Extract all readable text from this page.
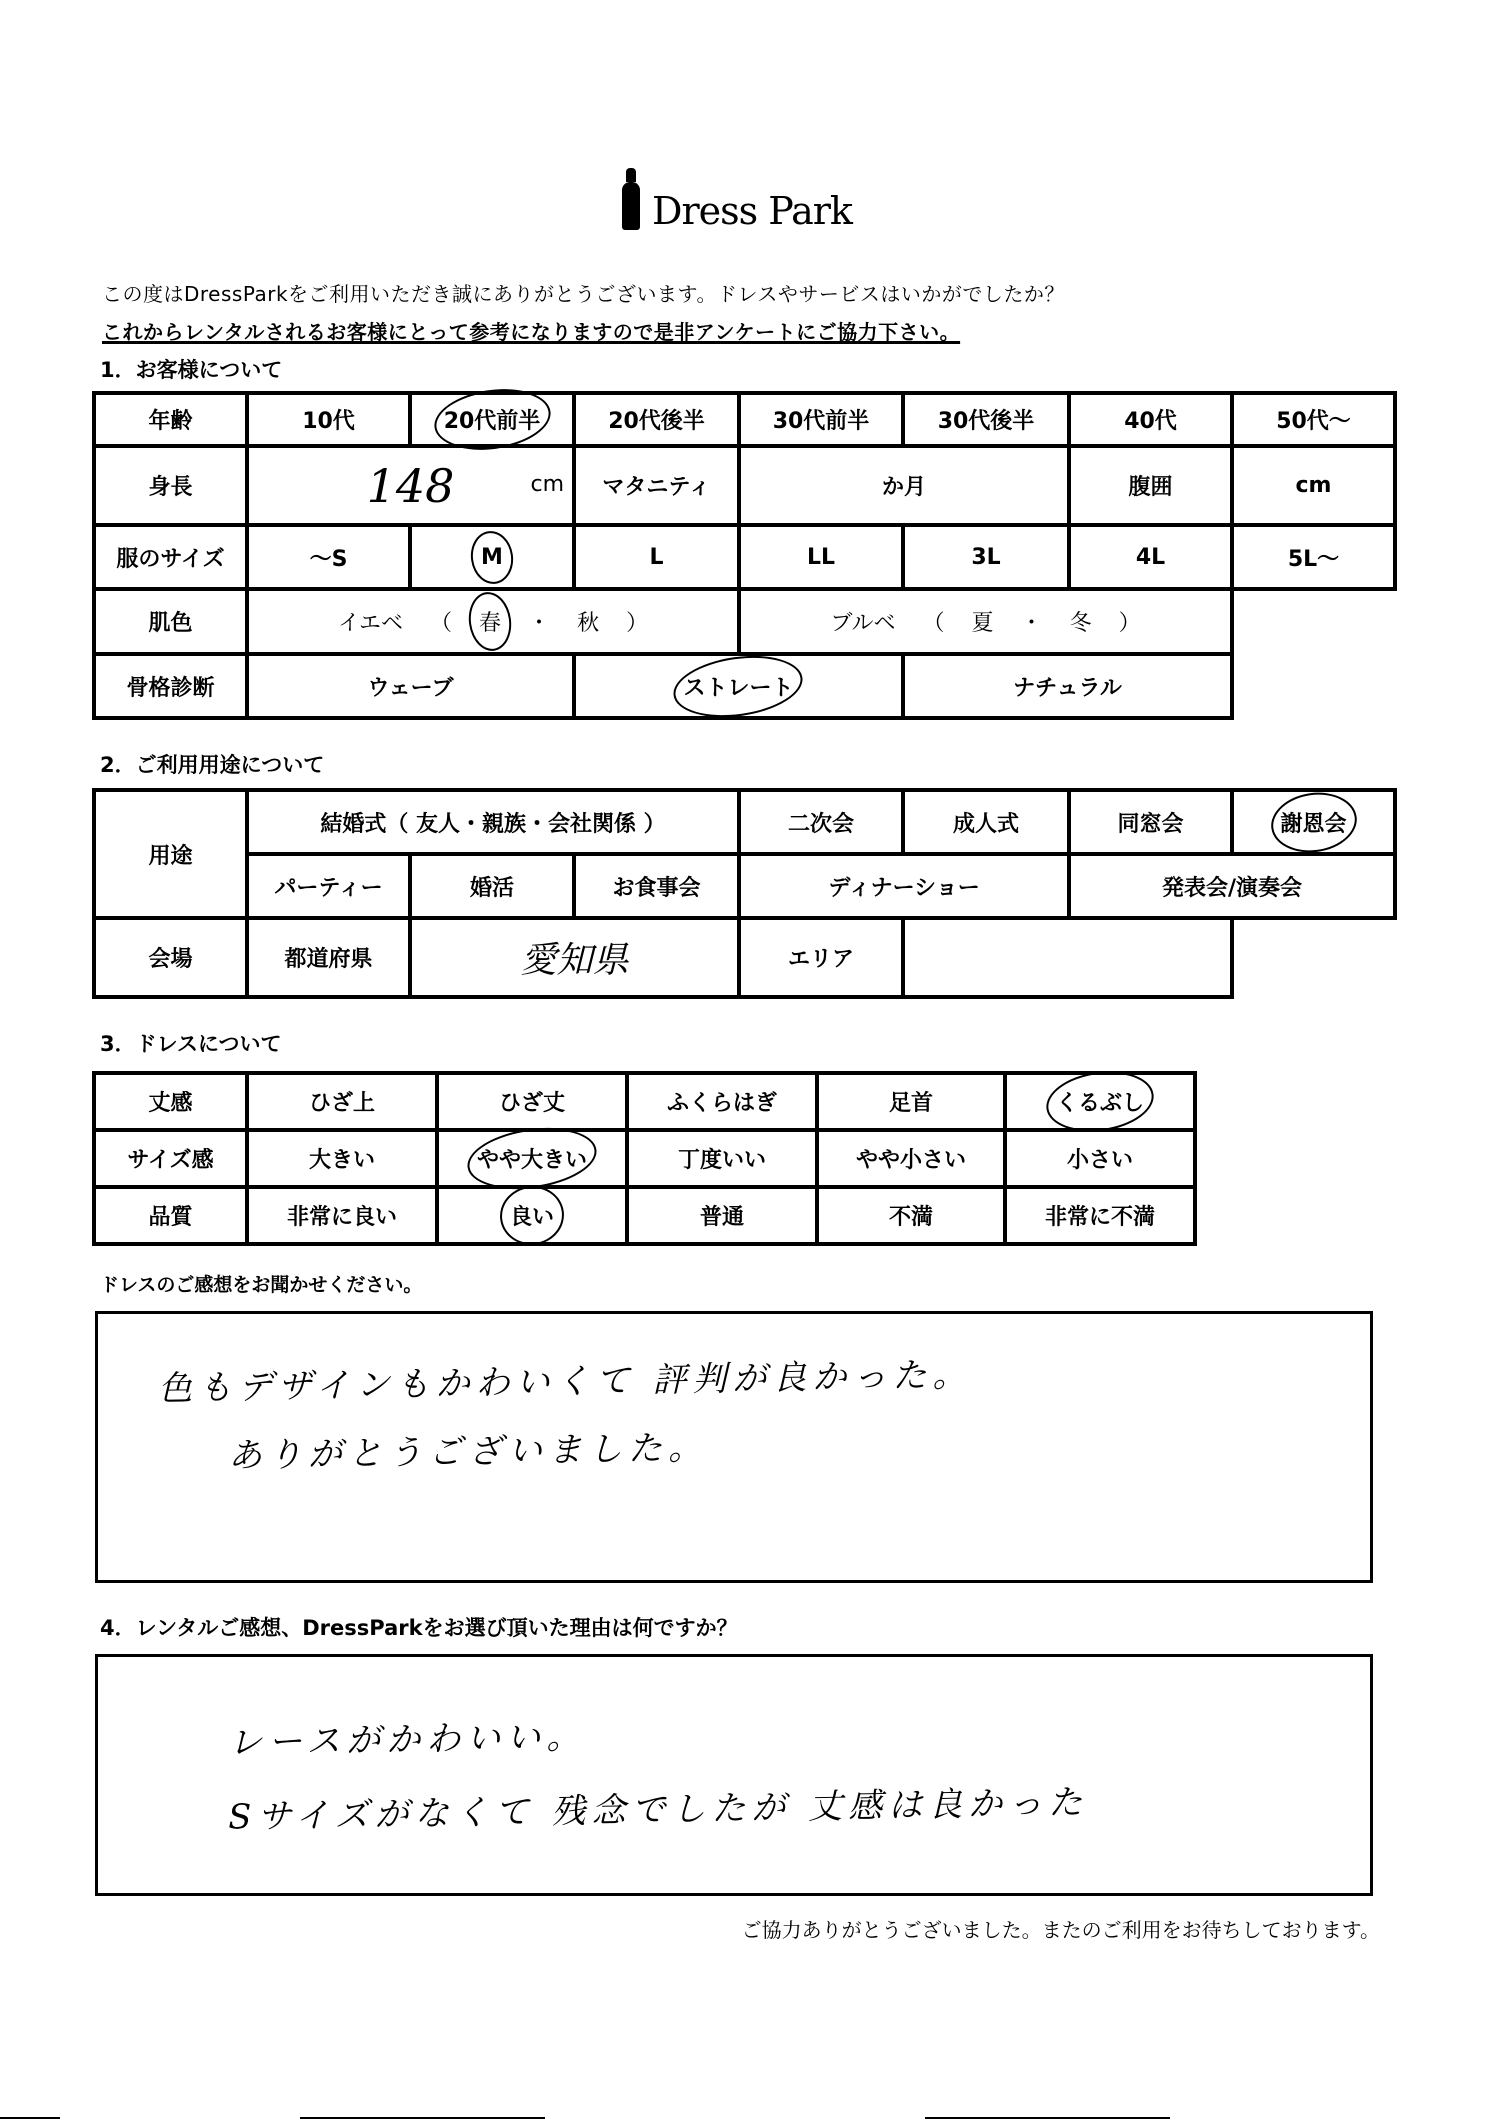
Dress Park
この度はDressParkをご利用いただき誠にありがとうございます。ドレスやサービスはいかがでしたか？
これからレンタルされるお客様にとって参考になりますので是非アンケートにご協力下さい。
1．お客様について
年齢	10代	20代前半	20代後半	30代前半	30代後半	40代	50代～
身長	148 cm		マタニティ	か月		腹囲	cm
服のサイズ	～S	M	L	LL	3L	4L	5L～
肌色	イエベ （ 春 ・ 秋 ）			ブルベ （ 夏 ・ 冬 ）			
骨格診断	ウェーブ		ストレート		ナチュラル		
2．ご利用用途について
用途	結婚式（ 友人・親族・会社関係 ）			二次会	成人式	同窓会	謝恩会
	パーティー	婚活	お食事会	ディナーショー		発表会/演奏会	
会場	都道府県	愛知県		エリア			
3．ドレスについて
丈感	ひざ上	ひざ丈	ふくらはぎ	足首	くるぶし
サイズ感	大きい	やや大きい	丁度いい	やや小さい	小さい
品質	非常に良い	良い	普通	不満	非常に不満
ドレスのご感想をお聞かせください。
色もデザインもかわいくて 評判が良かった。
ありがとうございました。
4．レンタルご感想、DressParkをお選び頂いた理由は何ですか？
レースがかわいい。
Sサイズがなくて 残念でしたが 丈感は良かった
ご協力ありがとうございました。またのご利用をお待ちしております。
